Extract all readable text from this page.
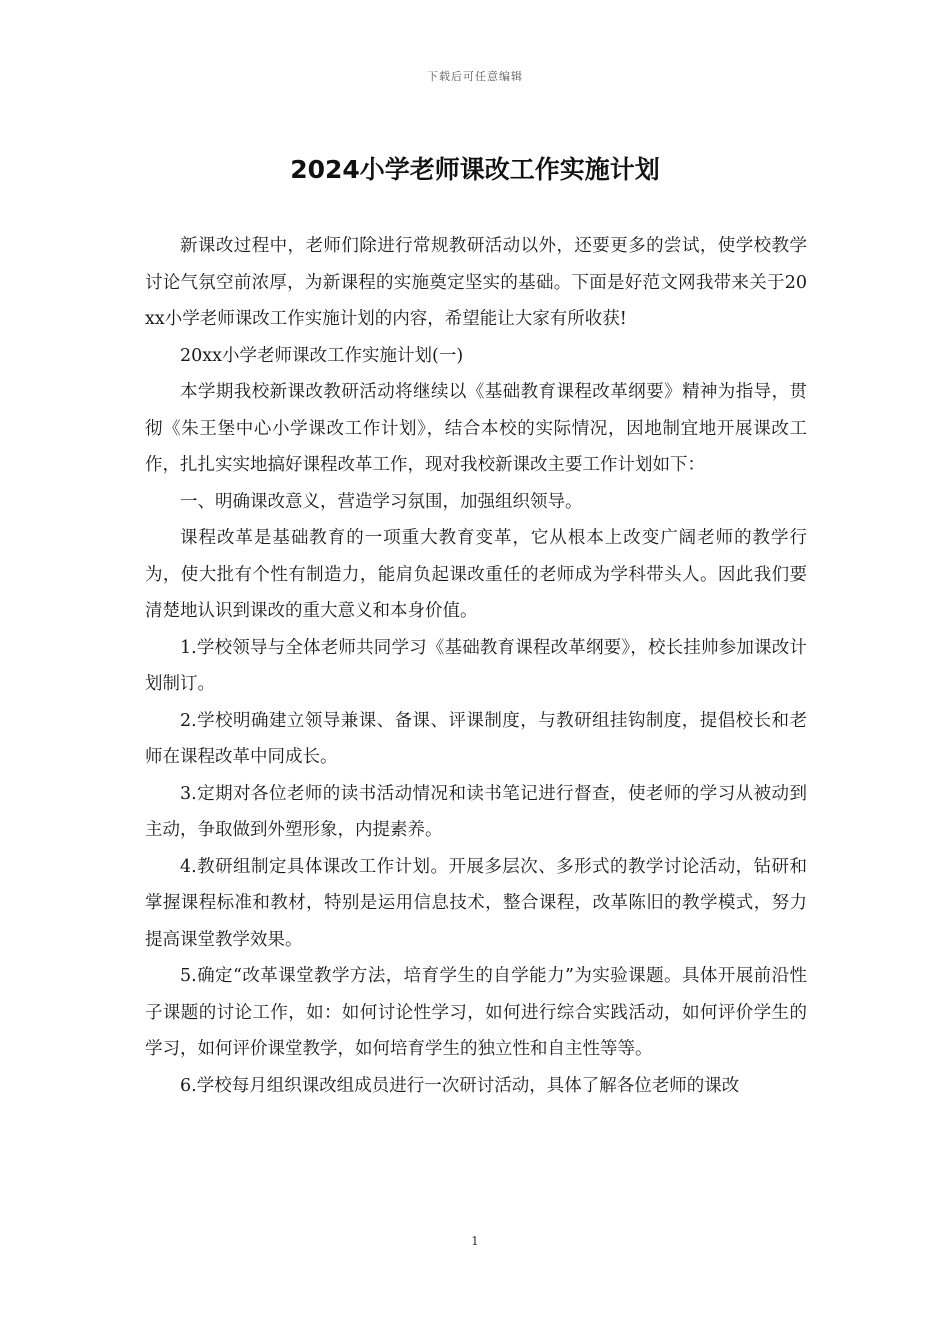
下载后可任意编辑
2024小学老师课改工作实施计划

新课改过程中，老师们除进行常规教研活动以外，还要更多的尝试，使学校教学讨论气氛空前浓厚，为新课程的实施奠定坚实的基础。下面是好范文网我带来关于20xx小学老师课改工作实施计划的内容，希望能让大家有所收获!

20xx小学老师课改工作实施计划(一)

本学期我校新课改教研活动将继续以《基础教育课程改革纲要》精神为指导，贯彻《朱王堡中心小学课改工作计划》，结合本校的实际情况，因地制宜地开展课改工作，扎扎实实地搞好课程改革工作，现对我校新课改主要工作计划如下：

一、明确课改意义，营造学习氛围，加强组织领导。

课程改革是基础教育的一项重大教育变革，它从根本上改变广阔老师的教学行为，使大批有个性有制造力，能肩负起课改重任的老师成为学科带头人。因此我们要清楚地认识到课改的重大意义和本身价值。

1.学校领导与全体老师共同学习《基础教育课程改革纲要》，校长挂帅参加课改计划制订。

2.学校明确建立领导兼课、备课、评课制度，与教研组挂钩制度，提倡校长和老师在课程改革中同成长。

3.定期对各位老师的读书活动情况和读书笔记进行督查，使老师的学习从被动到主动，争取做到外塑形象，内提素养。

4.教研组制定具体课改工作计划。开展多层次、多形式的教学讨论活动，钻研和掌握课程标准和教材，特别是运用信息技术，整合课程，改革陈旧的教学模式，努力提高课堂教学效果。

5.确定“改革课堂教学方法，培育学生的自学能力”为实验课题。具体开展前沿性子课题的讨论工作，如：如何讨论性学习，如何进行综合实践活动，如何评价学生的学习，如何评价课堂教学，如何培育学生的独立性和自主性等等。

6.学校每月组织课改组成员进行一次研讨活动，具体了解各位老师的课改

1
